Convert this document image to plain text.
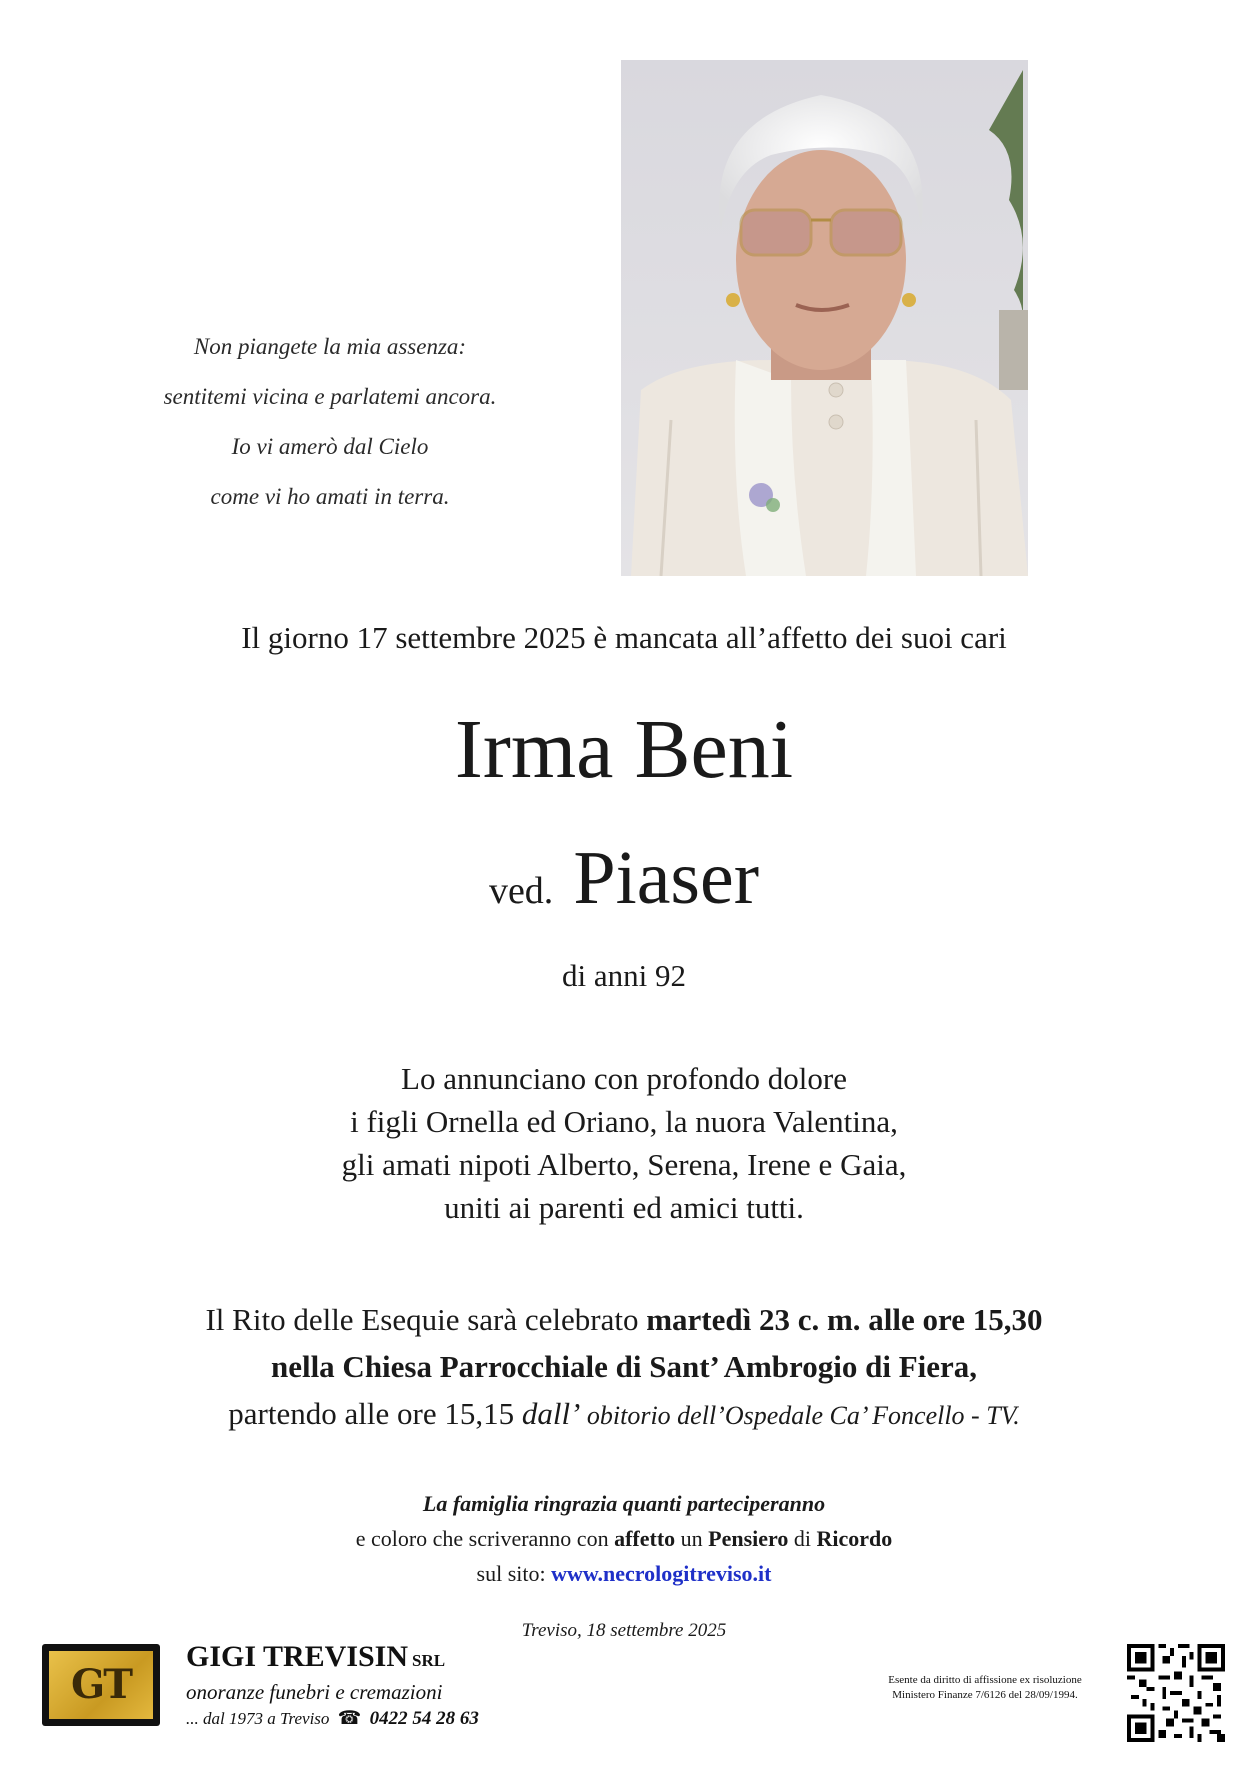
Non piangete la mia assenza:
sentitemi vicina e parlatemi ancora.
Io vi amerò dal Cielo
come vi ho amati in terra.
Il giorno 17 settembre 2025 è mancata all’affetto dei suoi cari
Irma Beni
ved. Piaser
di anni 92
Lo annunciano con profondo dolore
i figli Ornella ed Oriano, la nuora Valentina,
gli amati nipoti Alberto, Serena, Irene e Gaia,
uniti ai parenti ed amici tutti.
Il Rito delle Esequie sarà celebrato martedì 23 c. m. alle ore 15,30
nella Chiesa Parrocchiale di Sant’ Ambrogio di Fiera,
partendo alle ore 15,15 dall’ obitorio dell’Ospedale Ca’ Foncello - TV.
La famiglia ringrazia quanti parteciperanno
e coloro che scriveranno con affetto un Pensiero di Ricordo
sul sito: www.necrologitreviso.it
Treviso, 18 settembre 2025
GT
GIGI TREVISIN SRL
onoranze funebri e cremazioni
... dal 1973 a Treviso ☎ 0422 54 28 63
Esente da diritto di affissione ex risoluzione
Ministero Finanze 7/6126 del 28/09/1994.
